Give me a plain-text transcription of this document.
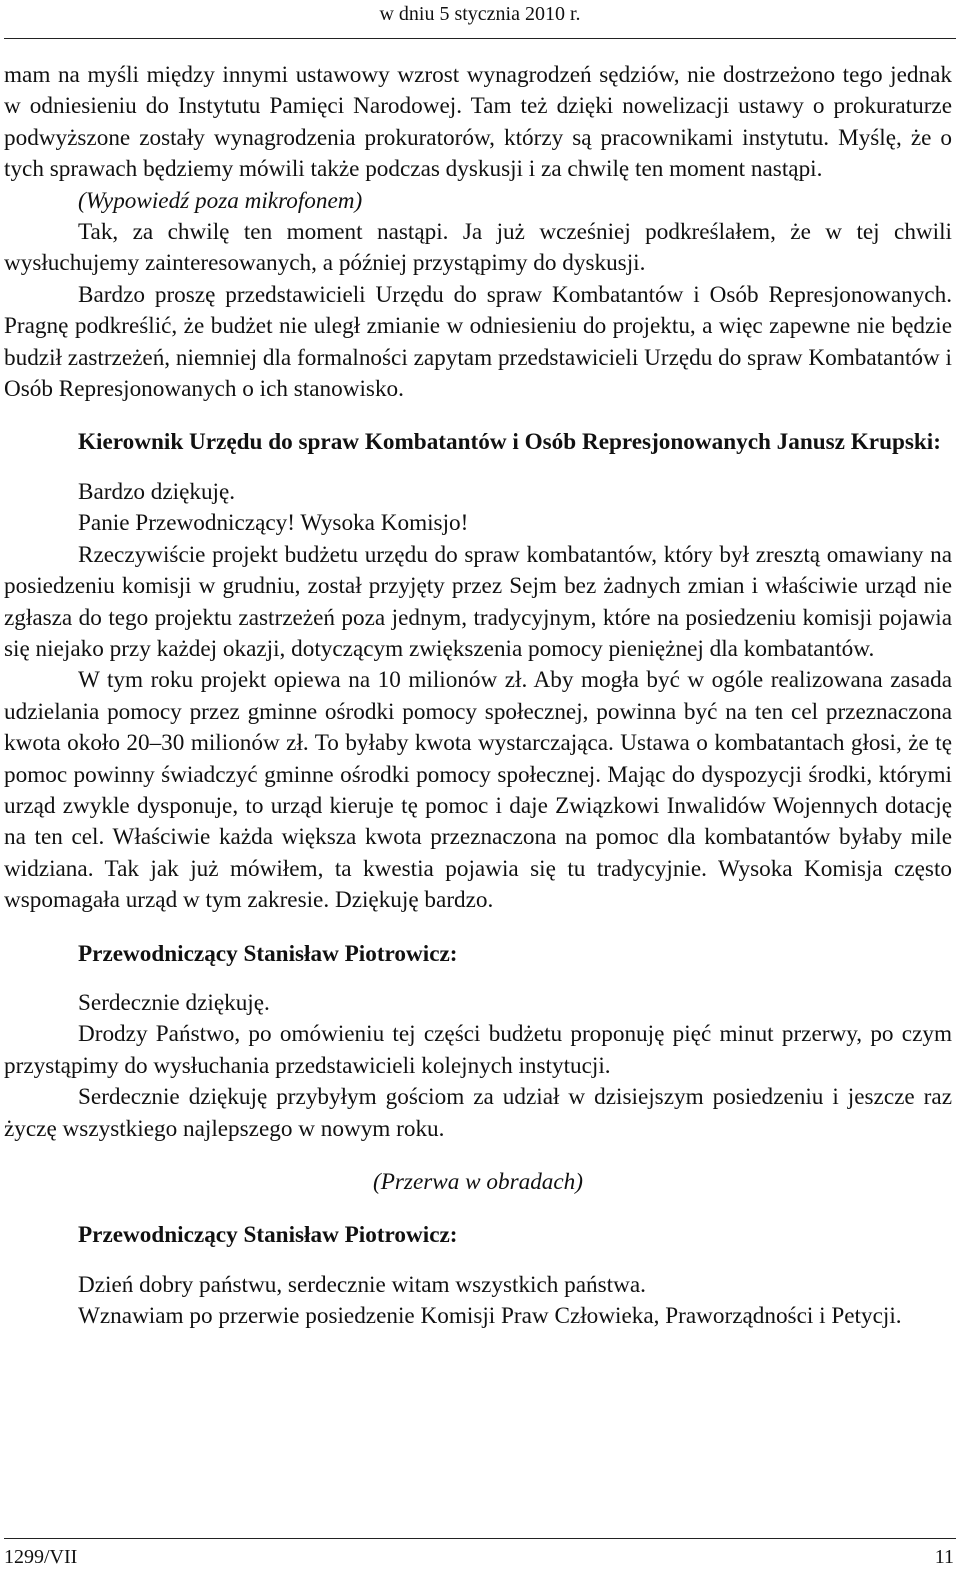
w dniu 5 stycznia 2010 r.

mam na myśli między innymi ustawowy wzrost wynagrodzeń sędziów, nie dostrzeżono tego jednak w odniesieniu do Instytutu Pamięci Narodowej. Tam też dzięki nowelizacji ustawy o prokuraturze podwyższone zostały wynagrodzenia prokuratorów, którzy są pracownikami instytutu. Myślę, że o tych sprawach będziemy mówili także podczas dyskusji i za chwilę ten moment nastąpi.

(Wypowiedź poza mikrofonem)

Tak, za chwilę ten moment nastąpi. Ja już wcześniej podkreślałem, że w tej chwili wysłuchujemy zainteresowanych, a później przystąpimy do dyskusji.

Bardzo proszę przedstawicieli Urzędu do spraw Kombatantów i Osób Represjonowanych. Pragnę podkreślić, że budżet nie uległ zmianie w odniesieniu do projektu, a więc zapewne nie będzie budził zastrzeżeń, niemniej dla formalności zapytam przedstawicieli Urzędu do spraw Kombatantów i Osób Represjonowanych o ich stanowisko.

Kierownik Urzędu do spraw Kombatantów i Osób Represjonowanych Janusz Krupski:

Bardzo dziękuję.

Panie Przewodniczący! Wysoka Komisjo!

Rzeczywiście projekt budżetu urzędu do spraw kombatantów, który był zresztą omawiany na posiedzeniu komisji w grudniu, został przyjęty przez Sejm bez żadnych zmian i właściwie urząd nie zgłasza do tego projektu zastrzeżeń poza jednym, tradycyjnym, które na posiedzeniu komisji pojawia się niejako przy każdej okazji, dotyczącym zwiększenia pomocy pieniężnej dla kombatantów.

W tym roku projekt opiewa na 10 milionów zł. Aby mogła być w ogóle realizowana zasada udzielania pomocy przez gminne ośrodki pomocy społecznej, powinna być na ten cel przeznaczona kwota około 20–30 milionów zł. To byłaby kwota wystarczająca. Ustawa o kombatantach głosi, że tę pomoc powinny świadczyć gminne ośrodki pomocy społecznej. Mając do dyspozycji środki, którymi urząd zwykle dysponuje, to urząd kieruje tę pomoc i daje Związkowi Inwalidów Wojennych dotację na ten cel. Właściwie każda większa kwota przeznaczona na pomoc dla kombatantów byłaby mile widziana. Tak jak już mówiłem, ta kwestia pojawia się tu tradycyjnie. Wysoka Komisja często wspomagała urząd w tym zakresie. Dziękuję bardzo.

Przewodniczący Stanisław Piotrowicz:

Serdecznie dziękuję.

Drodzy Państwo, po omówieniu tej części budżetu proponuję pięć minut przerwy, po czym przystąpimy do wysłuchania przedstawicieli kolejnych instytucji.

Serdecznie dziękuję przybyłym gościom za udział w dzisiejszym posiedzeniu i jeszcze raz życzę wszystkiego najlepszego w nowym roku.

(Przerwa w obradach)

Przewodniczący Stanisław Piotrowicz:

Dzień dobry państwu, serdecznie witam wszystkich państwa.

Wznawiam po przerwie posiedzenie Komisji Praw Człowieka, Praworządności i Petycji.

1299/VII	11
